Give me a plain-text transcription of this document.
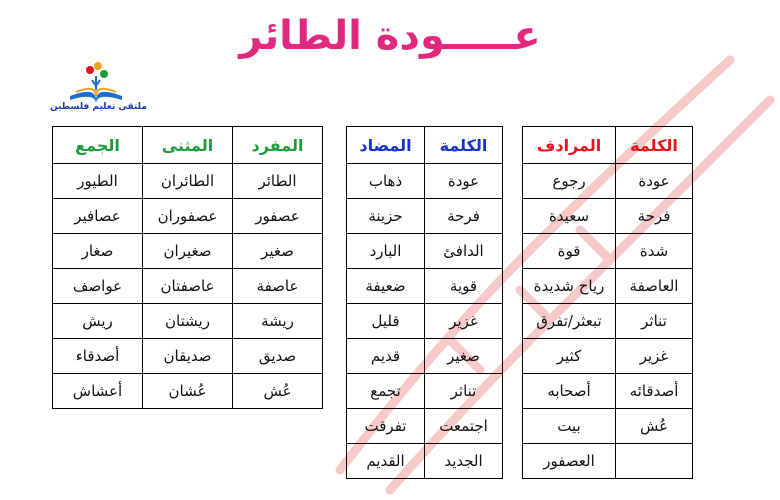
عـــــودة الطائر
ملتقى تعليم فلسطين
الكلمة	المرادف
عودة	رجوع
فرحة	سعيدة
شدة	قوة
العاصفة	رياح شديدة
تناثر	تبعثر/تفرق
غزير	كثير
أصدقائه	أصحابه
عُش	بيت
	العصفور
الكلمة	المضاد
عودة	ذهاب
فرحة	حزينة
الدافئ	البارد
قوية	ضعيفة
غزير	قليل
صغير	قديم
تناثر	تجمع
اجتمعت	تفرقت
الجديد	القديم
المفرد	المثنى	الجمع
الطائر	الطائران	الطيور
عصفور	عصفوران	عصافير
صغير	صغيران	صغار
عاصفة	عاصفتان	عواصف
ريشة	ريشتان	ريش
صديق	صديقان	أصدقاء
عُش	عُشان	أعشاش
